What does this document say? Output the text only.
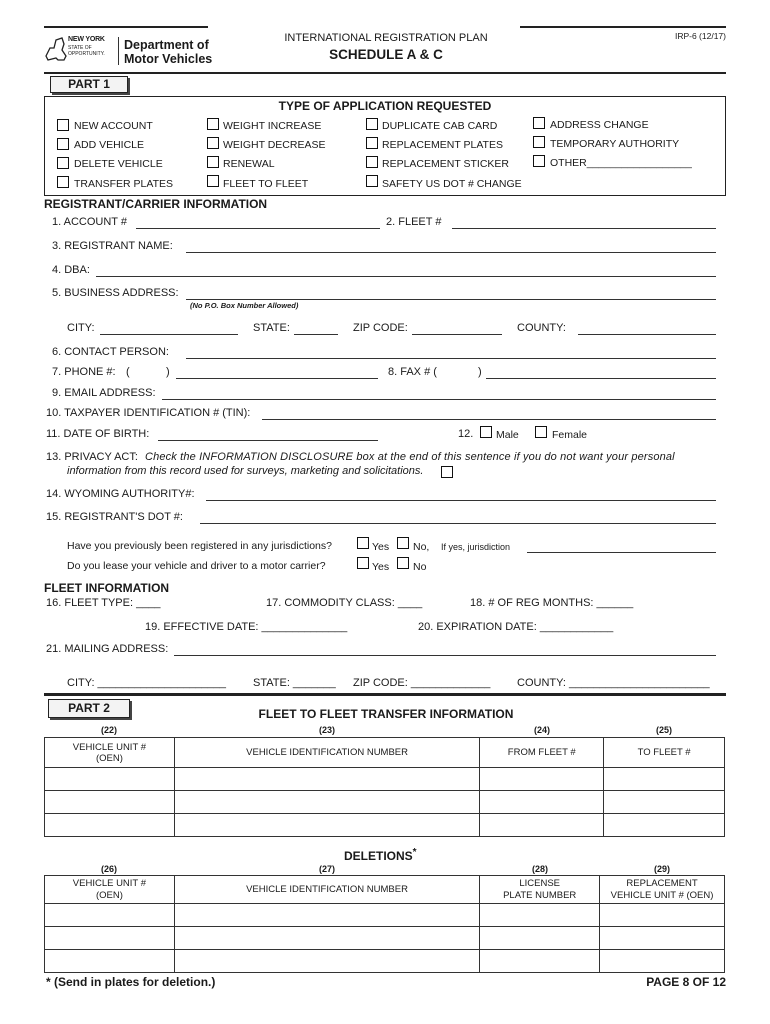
NEW YORK
STATE OF
OPPORTUNITY.
Department of
Motor Vehicles
INTERNATIONAL REGISTRATION PLAN
SCHEDULE A & C
IRP-6 (12/17)
PART 1
TYPE OF APPLICATION REQUESTED
NEW ACCOUNT
ADD VEHICLE
DELETE VEHICLE
TRANSFER PLATES
WEIGHT INCREASE
WEIGHT DECREASE
RENEWAL
FLEET TO FLEET
DUPLICATE CAB CARD
REPLACEMENT PLATES
REPLACEMENT STICKER
SAFETY US DOT # CHANGE
ADDRESS CHANGE
TEMPORARY AUTHORITY
OTHER__________________
REGISTRANT/CARRIER INFORMATION
1. ACCOUNT #	2. FLEET #
3. REGISTRANT NAME:
4. DBA:
5. BUSINESS ADDRESS:
(No P.O. Box Number Allowed)
CITY:	STATE:	ZIP CODE:	COUNTY:
6. CONTACT PERSON:
7. PHONE #: (	)	8. FAX # (	)
9. EMAIL ADDRESS:
10. TAXPAYER IDENTIFICATION # (TIN):
11. DATE OF BIRTH:	12. Male	Female
13. PRIVACY ACT: Check the INFORMATION DISCLOSURE box at the end of this sentence if you do not want your personal
information from this record used for surveys, marketing and solicitations.
14. WYOMING AUTHORITY#:
15. REGISTRANT'S DOT #:
Have you previously been registered in any jurisdictions?	Yes No, If yes, jurisdiction
Do you lease your vehicle and driver to a motor carrier?	Yes No
FLEET INFORMATION
16. FLEET TYPE: ____	17. COMMODITY CLASS: ____	18. # OF REG MONTHS: ______
19. EFFECTIVE DATE: ______________	20. EXPIRATION DATE: ____________
21. MAILING ADDRESS:
CITY: _____________________ STATE: _______ ZIP CODE: _____________ COUNTY: _______________________
PART 2	FLEET TO FLEET TRANSFER INFORMATION
(22)	(23)	(24)	(25)
VEHICLE UNIT #
(OEN)	VEHICLE IDENTIFICATION NUMBER	FROM FLEET #	TO FLEET #

DELETIONS*
(26)	(27)	(28)	(29)
VEHICLE UNIT #
(OEN)	VEHICLE IDENTIFICATION NUMBER	LICENSE
PLATE NUMBER	REPLACEMENT
VEHICLE UNIT # (OEN)

* (Send in plates for deletion.)	PAGE 8 OF 12
